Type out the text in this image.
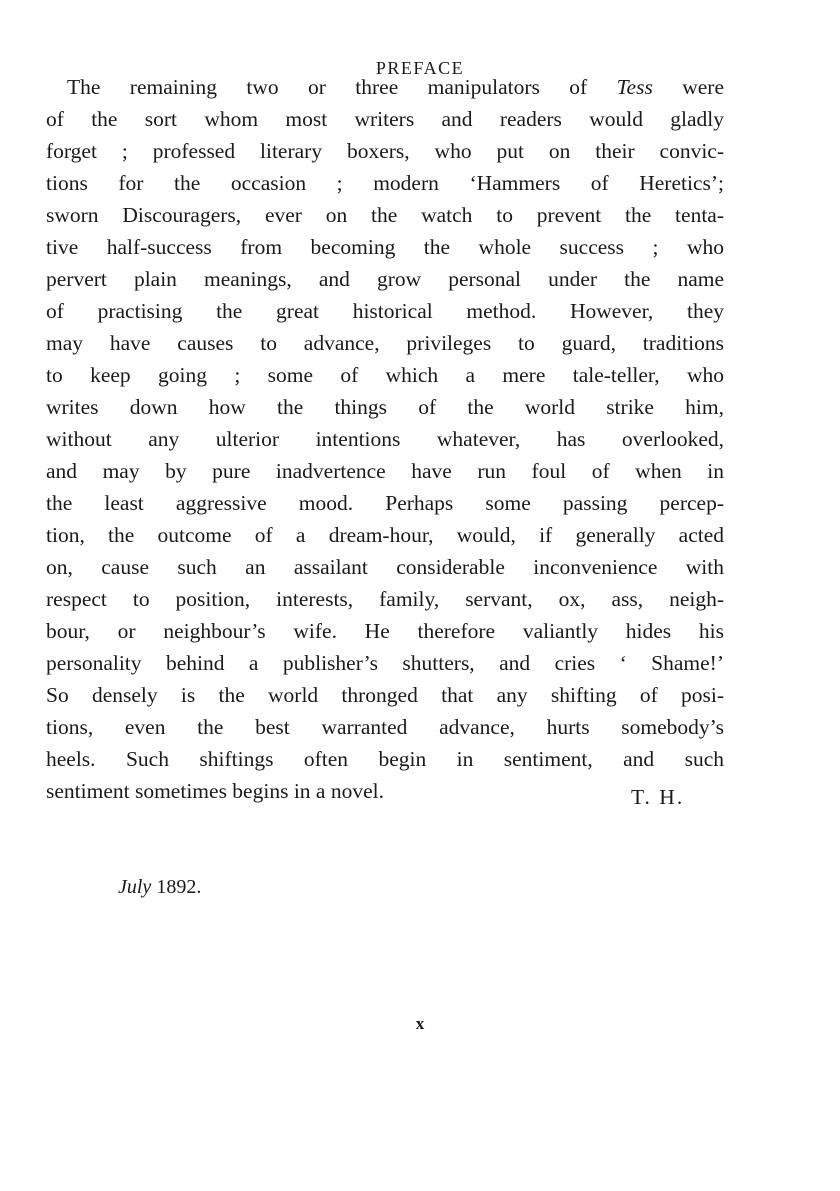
PREFACE
The remaining two or three manipulators of Tess were
of the sort whom most writers and readers would gladly
forget ; professed literary boxers, who put on their convic-
tions for the occasion ; modern ‘Hammers of Heretics’;
sworn Discouragers, ever on the watch to prevent the tenta-
tive half-success from becoming the whole success ; who
pervert plain meanings, and grow personal under the name
of practising the great historical method. However, they
may have causes to advance, privileges to guard, traditions
to keep going ; some of which a mere tale-teller, who
writes down how the things of the world strike him,
without any ulterior intentions whatever, has overlooked,
and may by pure inadvertence have run foul of when in
the least aggressive mood. Perhaps some passing percep-
tion, the outcome of a dream-hour, would, if generally acted
on, cause such an assailant considerable inconvenience with
respect to position, interests, family, servant, ox, ass, neigh-
bour, or neighbour’s wife. He therefore valiantly hides his
personality behind a publisher’s shutters, and cries ‘ Shame!’
So densely is the world thronged that any shifting of posi-
tions, even the best warranted advance, hurts somebody’s
heels. Such shiftings often begin in sentiment, and such
sentiment sometimes begins in a novel.	T. H.
July 1892.
x
